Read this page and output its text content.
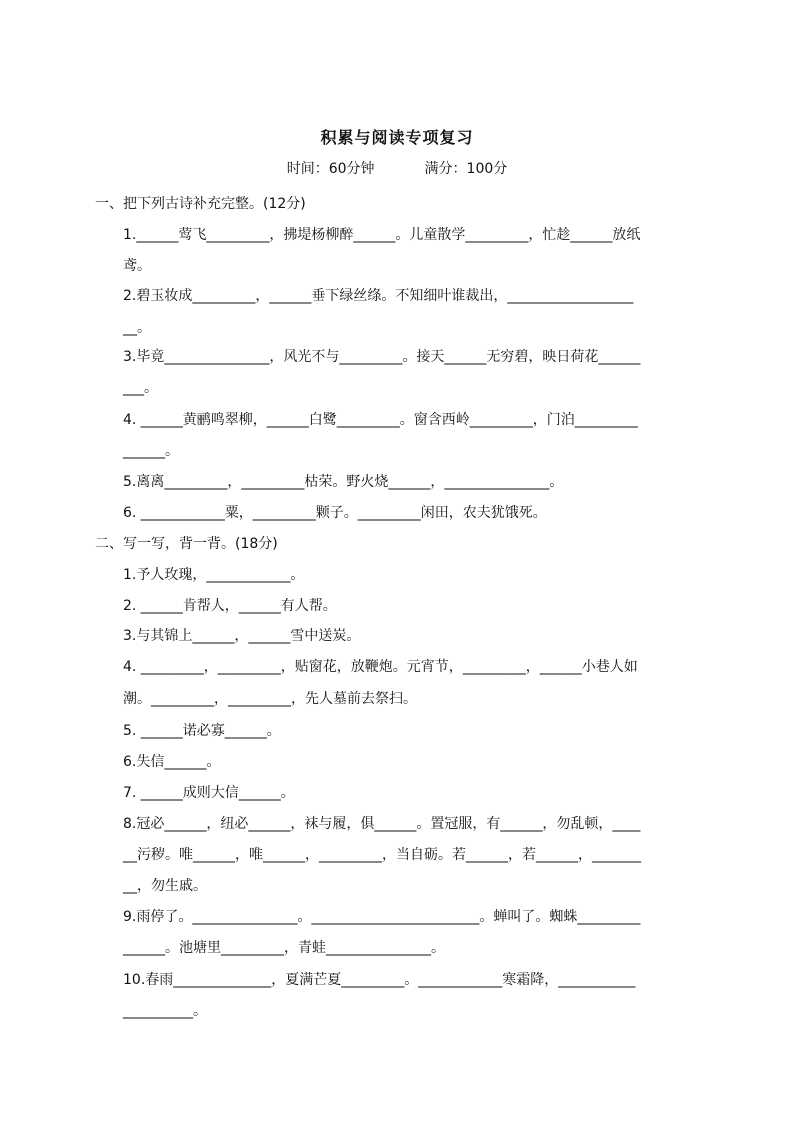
积累与阅读专项复习
时间：60分钟	满分：100分
一、把下列古诗补充完整。(12分)
1.______莺飞_________，拂堤杨柳醉______。儿童散学_________，忙趁______放纸
鸢。
2.碧玉妆成_________，______垂下绿丝绦。不知细叶谁裁出，__________________
__。
3.毕竟_______________，风光不与_________。接天______无穷碧，映日荷花______
___。
4. ______黄鹂鸣翠柳，______白鹭_________。窗含西岭_________，门泊_________
______。
5.离离_________，_________枯荣。野火烧______，_______________。
6. ____________粟，_________颗子。_________闲田，农夫犹饿死。
二、写一写，背一背。(18分)
1.予人玫瑰，____________。
2. ______肯帮人，______有人帮。
3.与其锦上______，______雪中送炭。
4. _________，_________，贴窗花，放鞭炮。元宵节，_________，______小巷人如
潮。_________，_________，先人墓前去祭扫。
5. ______诺必寡______。
6.失信______。
7. ______成则大信______。
8.冠必______，纽必______，袜与履，俱______。置冠服，有______，勿乱顿，____
__污秽。唯______，唯______，_________，当自砺。若______，若______，_______
__，勿生戚。
9.雨停了。_______________。________________________。蝉叫了。蜘蛛_________
______。池塘里_________，青蛙_______________。
10.春雨______________，夏满芒夏_________。____________寒霜降，___________
__________。
